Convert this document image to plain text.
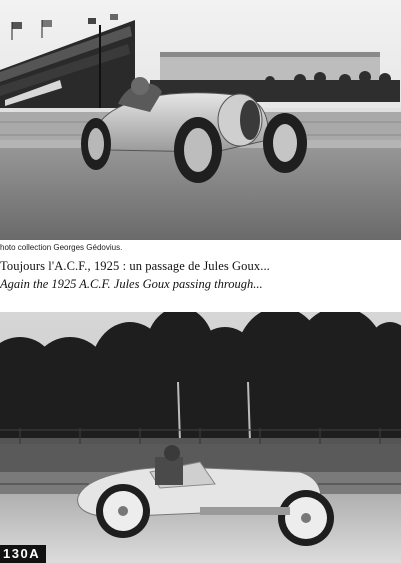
hoto collection Georges Gédovius.
Toujours l'A.C.F., 1925 : un passage de Jules Goux...
Again the 1925 A.C.F. Jules Goux passing through...
130A
